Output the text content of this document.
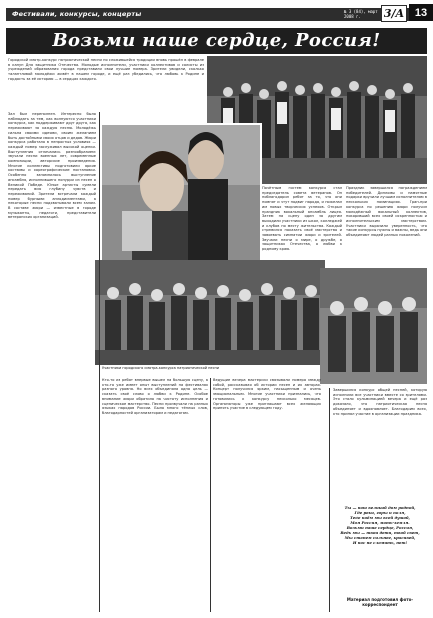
Фестивали, конкурсы, концерты	№ 3 (84), март 2008 г.	3/A 13
Возьми наше сердце, Россия!
Городской смотр-конкурс патриотической песни по сложившейся традиции вновь прошёл в феврале в канун Дня защитника Отечества. Молодые исполнители, участники коллективов и солисты из учреждений образования города представили свои лучшие номера. Зрители увидели, сколько талантливой молодёжи живёт в нашем городе, и ещё раз убедились, что любовь к Родине и гордость за её историю — в сердцах каждого.
Зал был переполнен. Интересно было наблюдать за тем, как волнуются участники конкурса, как поддерживают друг друга, как переживают за каждую песню. Молодёжь сильна своими идеями, своим желанием быть достойными своих отцов и дедов. Жюри конкурса работало в непростых условиях — каждый номер заслуживал высокой оценки. Выступления отличались разнообразием: звучали песни военных лет, современные композиции, авторские произведения. Многие коллективы подготовили яркие костюмы и хореографические постановки. Особенно запомнилось выступление ансамбля, исполнившего попурри из песен о Великой Победе. Юные артисты сумели передать всю глубину чувств и переживаний. Зрители встречали каждый номер бурными аплодисментами, а некоторые песни подхватывали всем залом. В составе жюри — известные в городе музыканты, педагоги, представители ветеранских организаций.
Почётным гостем конкурса стал председатель совета ветеранов. Он поблагодарил ребят за то, что они помнят и чтут подвиг народа, и пожелал им новых творческих успехов. Открыл праздник вокальный ансамбль лицея. Затем на сцену один за другим выходили участники из школ, колледжей и клубов по месту жительства. Каждый стремился показать своё мастерство и завоевать симпатии жюри и зрителей. Звучали песни о мире, о дружбе, о защитниках Отечества, о любви к родному краю.
Праздник завершился награждением победителей. Дипломы и памятные подарки вручили лучшим исполнителям в нескольких номинациях. Гран-при конкурса по решению жюри получил молодёжный вокальный коллектив, покоривший всех своей искренностью и исполнительским мастерством. Участники выразили уверенность, что такие конкурсы нужны и важны, ведь они объединяют людей разных поколений.
Участники городского смотра-конкурса патриотической песни
Кто-то из ребят впервые вышел на большую сцену, а кто-то уже имеет опыт выступлений на фестивалях разного уровня. Но всех объединяла одна цель — сказать своё слово о любви к Родине. Особое внимание жюри обратило на чистоту исполнения и сценическое мастерство. Песни прозвучали на разных языках народов России. Было много тёплых слов, благодарностей организаторам и педагогам.
Ведущие вечера мастерски связывали номера между собой, рассказывая об истории песен и их авторах. Концерт получился ярким, насыщенным и очень эмоциональным. Многие участники признались, что готовились к конкурсу несколько месяцев. Организаторы уже приглашают всех желающих принять участие в следующем году.
Завершился конкурс общей песней, которую исполнили все участники вместе со зрителями. Это стало кульминацией вечера и ещё раз доказало, что патриотическая песня объединяет и вдохновляет. Благодарим всех, кто принял участие в организации праздника.
Ты — наш великий дом родной,
Где реки, горы и поля,
Тебе поём мы всей душой,
Моя Россия, мать-земля.
Возьми наше сердце, Россия,
Ведь мы — твои дети, твой свет,
Мы станем сильнее, красивей,
И нас не сломить, нет!
Материал подготовил фото-корреспондент
